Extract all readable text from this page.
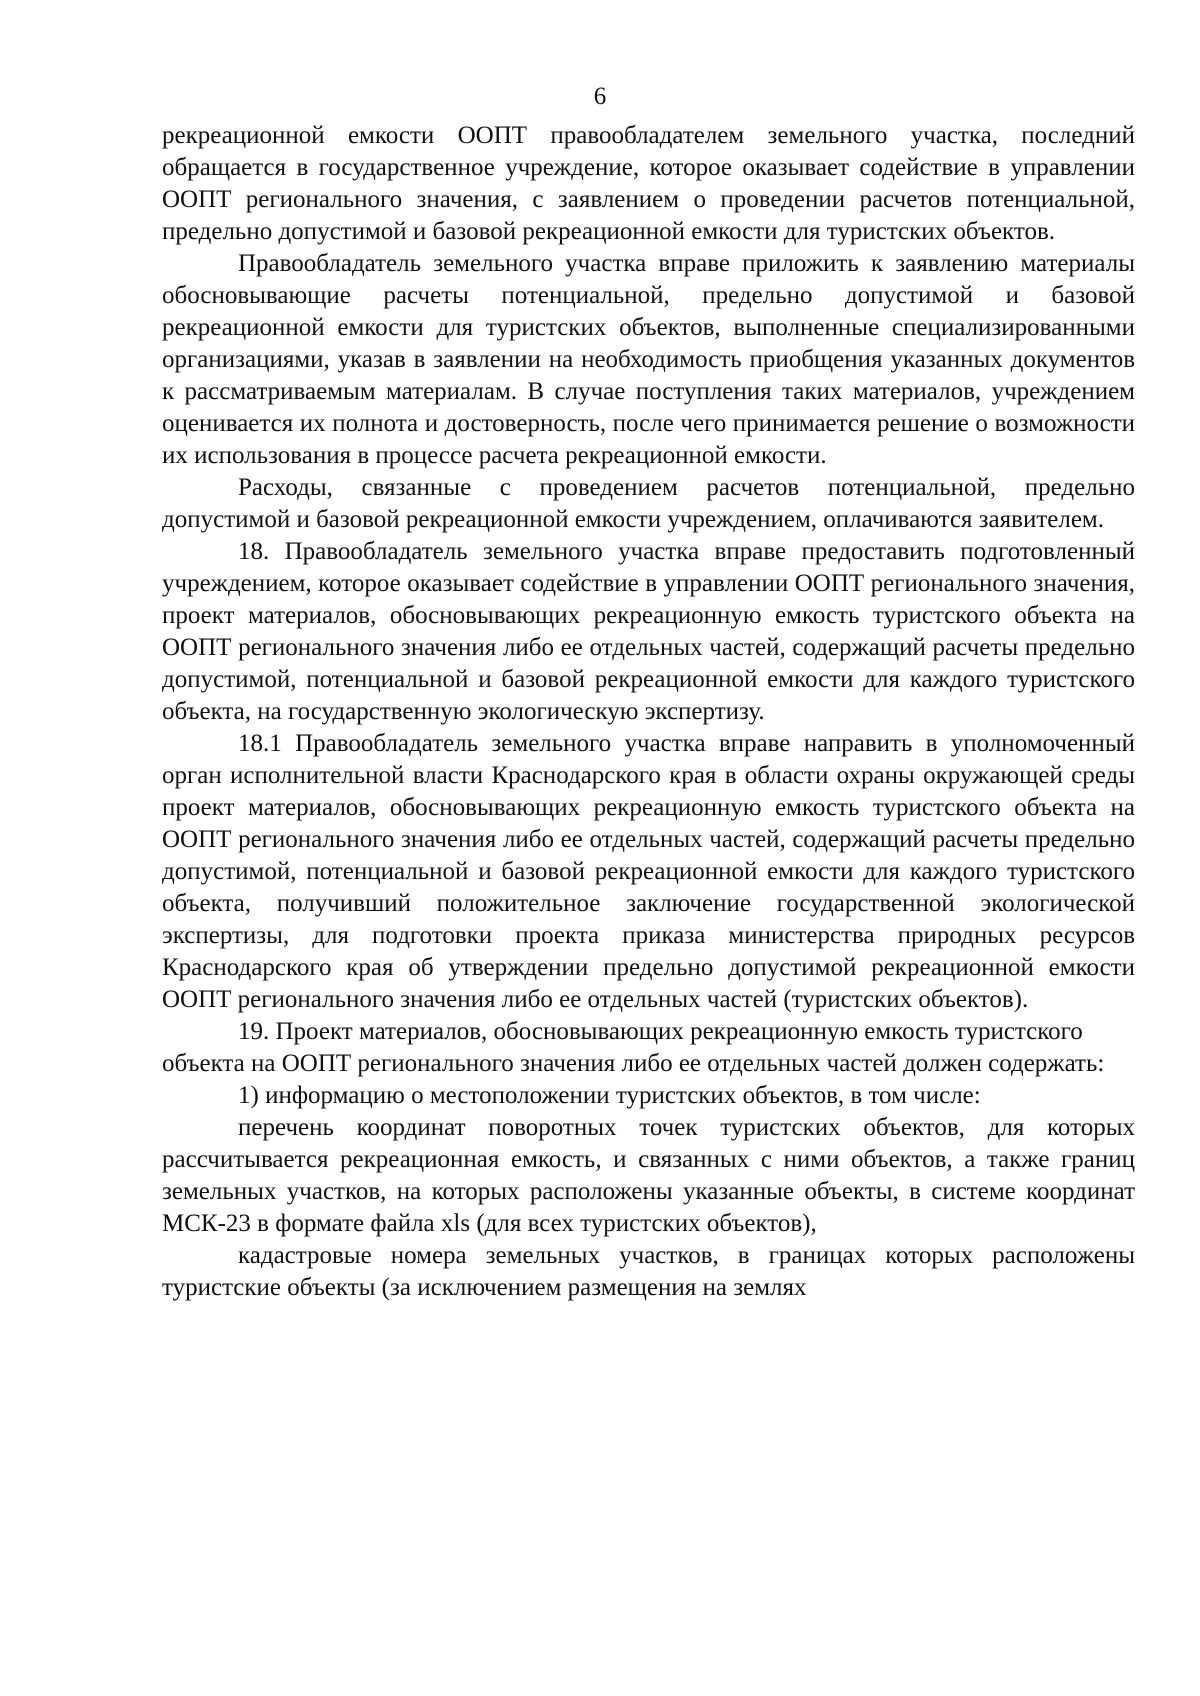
6

рекреационной емкости ООПТ правообладателем земельного участка, последний обращается в государственное учреждение, которое оказывает содействие в управлении ООПТ регионального значения, с заявлением о проведении расчетов потенциальной, предельно допустимой и базовой рекреационной емкости для туристских объектов.

Правообладатель земельного участка вправе приложить к заявлению материалы обосновывающие расчеты потенциальной, предельно допустимой и базовой рекреационной емкости для туристских объектов, выполненные специализированными организациями, указав в заявлении на необходимость приобщения указанных документов к рассматриваемым материалам. В случае поступления таких материалов, учреждением оценивается их полнота и достоверность, после чего принимается решение о возможности их использования в процессе расчета рекреационной емкости.

Расходы, связанные с проведением расчетов потенциальной, предельно допустимой и базовой рекреационной емкости учреждением, оплачиваются заявителем.

18. Правообладатель земельного участка вправе предоставить подготовленный учреждением, которое оказывает содействие в управлении ООПТ регионального значения, проект материалов, обосновывающих рекреационную емкость туристского объекта на ООПТ регионального значения либо ее отдельных частей, содержащий расчеты предельно допустимой, потенциальной и базовой рекреационной емкости для каждого туристского объекта, на государственную экологическую экспертизу.

18.1 Правообладатель земельного участка вправе направить в уполномоченный орган исполнительной власти Краснодарского края в области охраны окружающей среды проект материалов, обосновывающих рекреационную емкость туристского объекта на ООПТ регионального значения либо ее отдельных частей, содержащий расчеты предельно допустимой, потенциальной и базовой рекреационной емкости для каждого туристского объекта, получивший положительное заключение государственной экологической экспертизы, для подготовки проекта приказа министерства природных ресурсов Краснодарского края об утверждении предельно допустимой рекреационной емкости ООПТ регионального значения либо ее отдельных частей (туристских объектов).

19. Проект материалов, обосновывающих рекреационную емкость туристского объекта на ООПТ регионального значения либо ее отдельных частей должен содержать:

1) информацию о местоположении туристских объектов, в том числе:

перечень координат поворотных точек туристских объектов, для которых рассчитывается рекреационная емкость, и связанных с ними объектов, а также границ земельных участков, на которых расположены указанные объекты, в системе координат МСК-23 в формате файла xls (для всех туристских объектов),

кадастровые номера земельных участков, в границах которых расположены туристские объекты (за исключением размещения на землях
